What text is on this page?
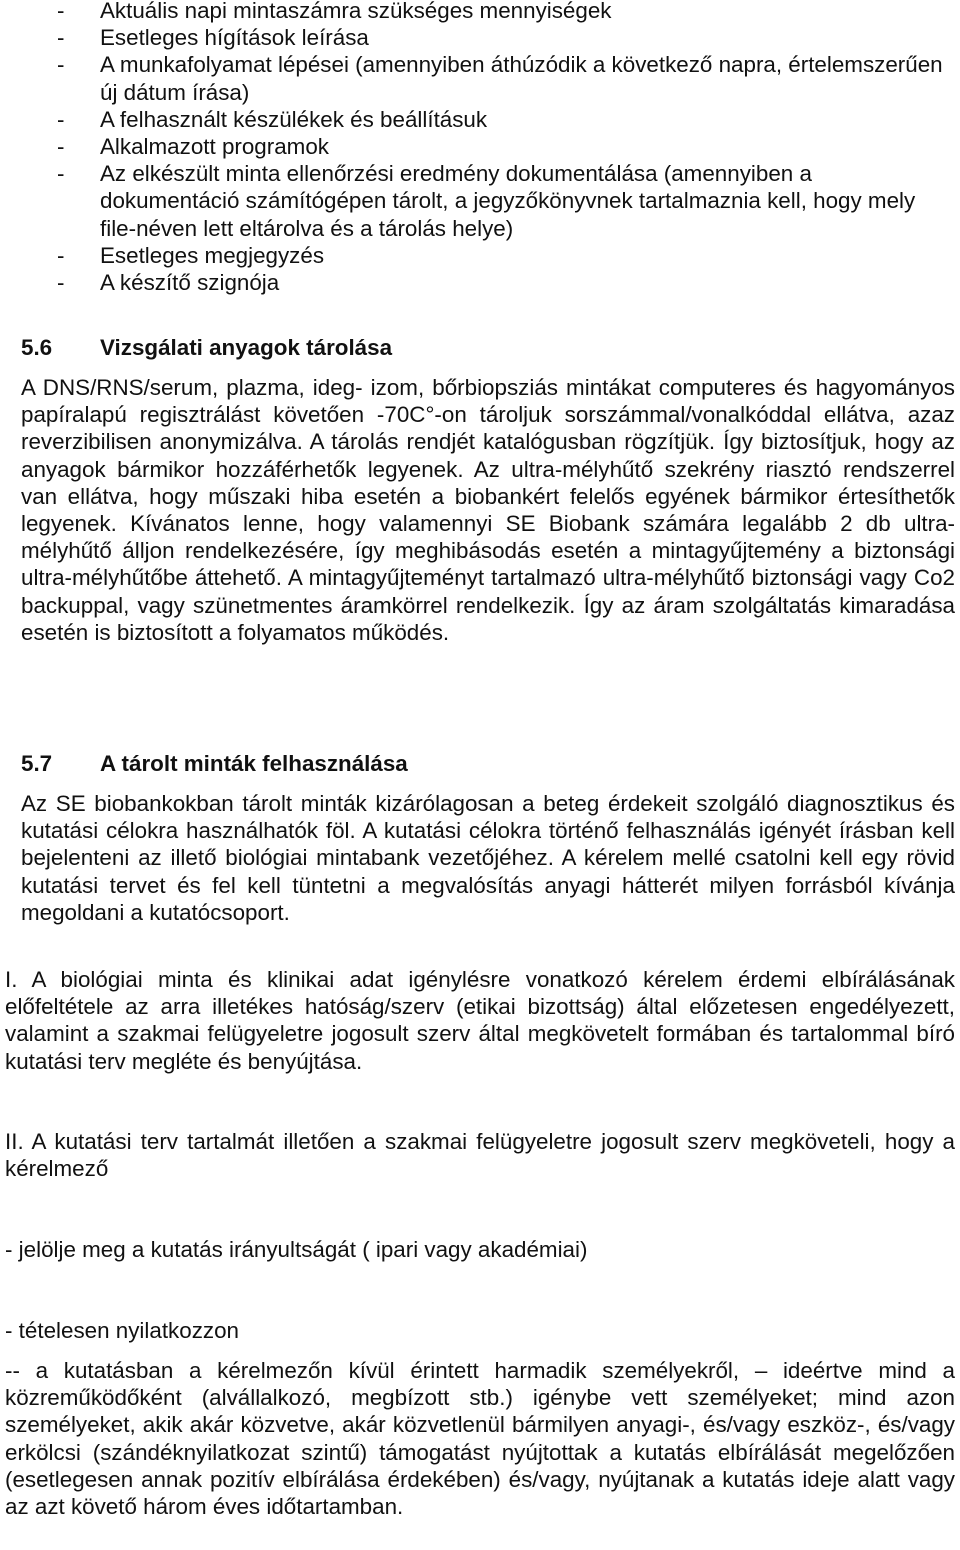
-	Aktuális napi mintaszámra szükséges mennyiségek
-	Esetleges hígítások leírása
-	A munkafolyamat lépései (amennyiben áthúzódik a következő napra, értelemszerűen új dátum írása)
-	A felhasznált készülékek és beállításuk
-	Alkalmazott programok
-	Az elkészült minta ellenőrzési eredmény dokumentálása (amennyiben a dokumentáció számítógépen tárolt, a jegyzőkönyvnek tartalmaznia kell, hogy mely file-néven lett eltárolva és a tárolás helye)
-	Esetleges megjegyzés
-	A készítő szignója
5.6	Vizsgálati anyagok tárolása

A DNS/RNS/serum, plazma, ideg- izom, bőrbiopsziás mintákat computeres és hagyományos papíralapú regisztrálást követően -70C°-on tároljuk sorszámmal/vonalkóddal ellátva, azaz reverzibilisen anonymizálva. A tárolás rendjét katalógusban rögzítjük. Így biztosítjuk, hogy az anyagok bármikor hozzáférhetők legyenek. Az ultra-mélyhűtő szekrény riasztó rendszerrel van ellátva, hogy műszaki hiba esetén a biobankért felelős egyének bármikor értesíthetők legyenek. Kívánatos lenne, hogy valamennyi SE Biobank számára legalább 2 db ultra-mélyhűtő álljon rendelkezésére, így meghibásodás esetén a mintagyűjtemény a biztonsági ultra-mélyhűtőbe áttehető. A mintagyűjteményt tartalmazó ultra-mélyhűtő biztonsági vagy Co2 backuppal, vagy szünetmentes áramkörrel rendelkezik. Így az áram szolgáltatás kimaradása esetén is biztosított a folyamatos működés.

5.7	A tárolt minták felhasználása

Az SE biobankokban tárolt minták kizárólagosan a beteg érdekeit szolgáló diagnosztikus és kutatási célokra használhatók föl. A kutatási célokra történő felhasználás igényét írásban kell bejelenteni az illető biológiai mintabank vezetőjéhez. A kérelem mellé csatolni kell egy rövid kutatási tervet és fel kell tüntetni a megvalósítás anyagi hátterét milyen forrásból kívánja megoldani a kutatócsoport.

I. A biológiai minta és klinikai adat igénylésre vonatkozó kérelem érdemi elbírálásának előfeltétele az arra illetékes hatóság/szerv (etikai bizottság) által előzetesen engedélyezett, valamint a szakmai felügyeletre jogosult szerv által megkövetelt formában és tartalommal bíró kutatási terv megléte és benyújtása.

II. A kutatási terv tartalmát illetően a szakmai felügyeletre jogosult szerv megköveteli, hogy a kérelmező

- jelölje meg a kutatás irányultságát ( ipari vagy akadémiai)

- tételesen nyilatkozzon

-- a kutatásban a kérelmezőn kívül érintett harmadik személyekről, – ideértve mind a közreműködőként (alvállalkozó, megbízott stb.) igénybe vett személyeket; mind azon személyeket, akik akár közvetve, akár közvetlenül bármilyen anyagi-, és/vagy eszköz-, és/vagy erkölcsi (szándéknyilatkozat szintű) támogatást nyújtottak a kutatás elbírálását megelőzően (esetlegesen annak pozitív elbírálása érdekében) és/vagy, nyújtanak a kutatás ideje alatt vagy az azt követő három éves időtartamban.
